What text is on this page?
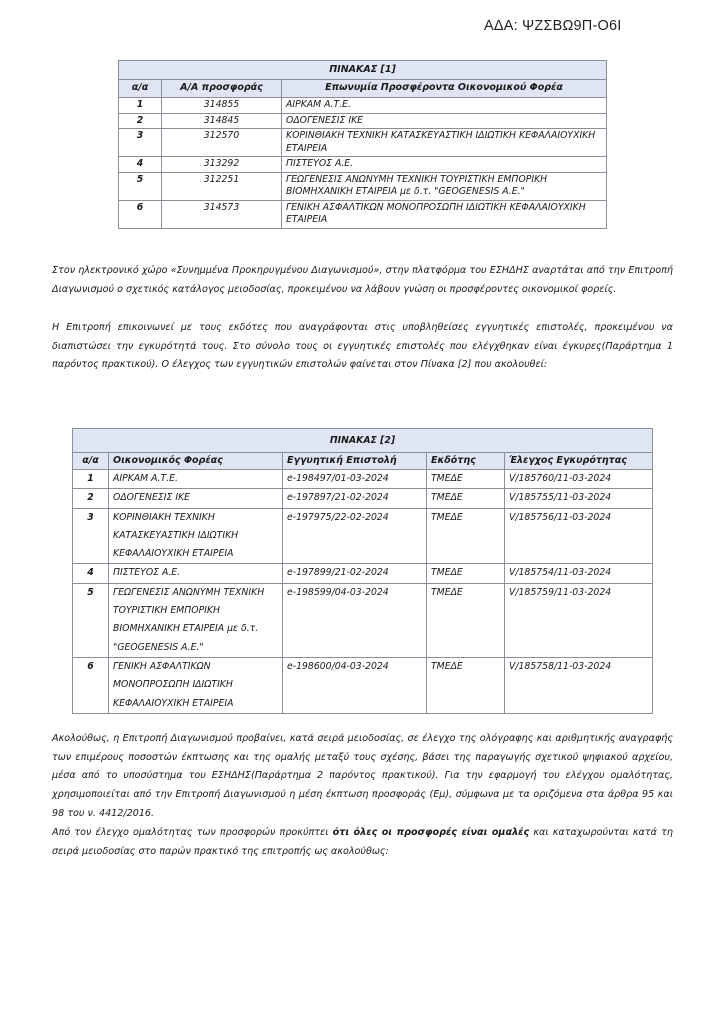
ΑΔΑ: ΨΖΣΒΩ9Π-Ο6Ι
ΠΙΝΑΚΑΣ [1]		
α/α	Α/Α προσφοράς	Επωνυμία Προσφέροντα Οικονομικού Φορέα
1	314855	ΑΙΡΚΑΜ Α.Τ.Ε.
2	314845	ΟΔΟΓΕΝΕΣΙΣ ΙΚΕ
3	312570	ΚΟΡΙΝΘΙΑΚΗ ΤΕΧΝΙΚΗ ΚΑΤΑΣΚΕΥΑΣΤΙΚΗ ΙΔΙΩΤΙΚΗ ΚΕΦΑΛΑΙΟΥΧΙΚΗ ΕΤΑΙΡΕΙΑ
4	313292	ΠΙΣΤΕΥΟΣ Α.Ε.
5	312251	ΓΕΩΓΕΝΕΣΙΣ ΑΝΩΝΥΜΗ ΤΕΧΝΙΚΗ ΤΟΥΡΙΣΤΙΚΗ ΕΜΠΟΡΙΚΗ ΒΙΟΜΗΧΑΝΙΚΗ ΕΤΑΙΡΕΙΑ με δ.τ. "GEOGENESIS A.E."
6	314573	ΓΕΝΙΚΗ ΑΣΦΑΛΤΙΚΩΝ ΜΟΝΟΠΡΟΣΩΠΗ ΙΔΙΩΤΙΚΗ ΚΕΦΑΛΑΙΟΥΧΙΚΗ ΕΤΑΙΡΕΙΑ

Στον ηλεκτρονικό χώρο «Συνημμένα Προκηρυγμένου Διαγωνισμού», στην πλατφόρμα του ΕΣΗΔΗΣ αναρτάται από την Επιτροπή Διαγωνισμού ο σχετικός κατάλογος μειοδοσίας, προκειμένου να λάβουν γνώση οι προσφέροντες οικονομικοί φορείς.

Η Επιτροπή επικοινωνεί με τους εκδότες που αναγράφονται στις υποβληθείσες εγγυητικές επιστολές, προκειμένου να διαπιστώσει την εγκυρότητά τους. Στο σύνολο τους οι εγγυητικές επιστολές που ελέγχθηκαν είναι έγκυρες(Παράρτημα 1 παρόντος πρακτικού). Ο έλεγχος των εγγυητικών επιστολών φαίνεται στον Πίνακα [2] που ακολουθεί:

ΠΙΝΑΚΑΣ [2]				
α/α	Οικονομικός Φορέας	Εγγυητική Επιστολή	Εκδότης	Έλεγχος Εγκυρότητας
1	ΑΙΡΚΑΜ Α.Τ.Ε.	e-198497/01-03-2024	ΤΜΕΔΕ	V/185760/11-03-2024
2	ΟΔΟΓΕΝΕΣΙΣ ΙΚΕ	e-197897/21-02-2024	ΤΜΕΔΕ	V/185755/11-03-2024
3	ΚΟΡΙΝΘΙΑΚΗ ΤΕΧΝΙΚΗ ΚΑΤΑΣΚΕΥΑΣΤΙΚΗ ΙΔΙΩΤΙΚΗ ΚΕΦΑΛΑΙΟΥΧΙΚΗ ΕΤΑΙΡΕΙΑ	e-197975/22-02-2024	ΤΜΕΔΕ	V/185756/11-03-2024
4	ΠΙΣΤΕΥΟΣ Α.Ε.	e-197899/21-02-2024	ΤΜΕΔΕ	V/185754/11-03-2024
5	ΓΕΩΓΕΝΕΣΙΣ ΑΝΩΝΥΜΗ ΤΕΧΝΙΚΗ ΤΟΥΡΙΣΤΙΚΗ ΕΜΠΟΡΙΚΗ ΒΙΟΜΗΧΑΝΙΚΗ ΕΤΑΙΡΕΙΑ με δ.τ. "GEOGENESIS A.E."	e-198599/04-03-2024	ΤΜΕΔΕ	V/185759/11-03-2024
6	ΓΕΝΙΚΗ ΑΣΦΑΛΤΙΚΩΝ ΜΟΝΟΠΡΟΣΩΠΗ ΙΔΙΩΤΙΚΗ ΚΕΦΑΛΑΙΟΥΧΙΚΗ ΕΤΑΙΡΕΙΑ	e-198600/04-03-2024	ΤΜΕΔΕ	V/185758/11-03-2024

Ακολούθως, η Επιτροπή Διαγωνισμού προβαίνει, κατά σειρά μειοδοσίας, σε έλεγχο της ολόγραφης και αριθμητικής αναγραφής των επιμέρους ποσοστών έκπτωσης και της ομαλής μεταξύ τους σχέσης, βάσει της παραγωγής σχετικού ψηφιακού αρχείου, μέσα από το υποσύστημα του ΕΣΗΔΗΣ(Παράρτημα 2 παρόντος πρακτικού). Για την εφαρμογή του ελέγχου ομαλότητας, χρησιμοποιείται από την Επιτροπή Διαγωνισμού η μέση έκπτωση προσφοράς (Εμ), σύμφωνα με τα οριζόμενα στα άρθρα 95 και 98 του ν. 4412/2016.

Από τον έλεγχο ομαλότητας των προσφορών προκύπτει ότι όλες οι προσφορές είναι ομαλές και καταχωρούνται κατά τη σειρά μειοδοσίας στο παρών πρακτικό της επιτροπής ως ακολούθως:
